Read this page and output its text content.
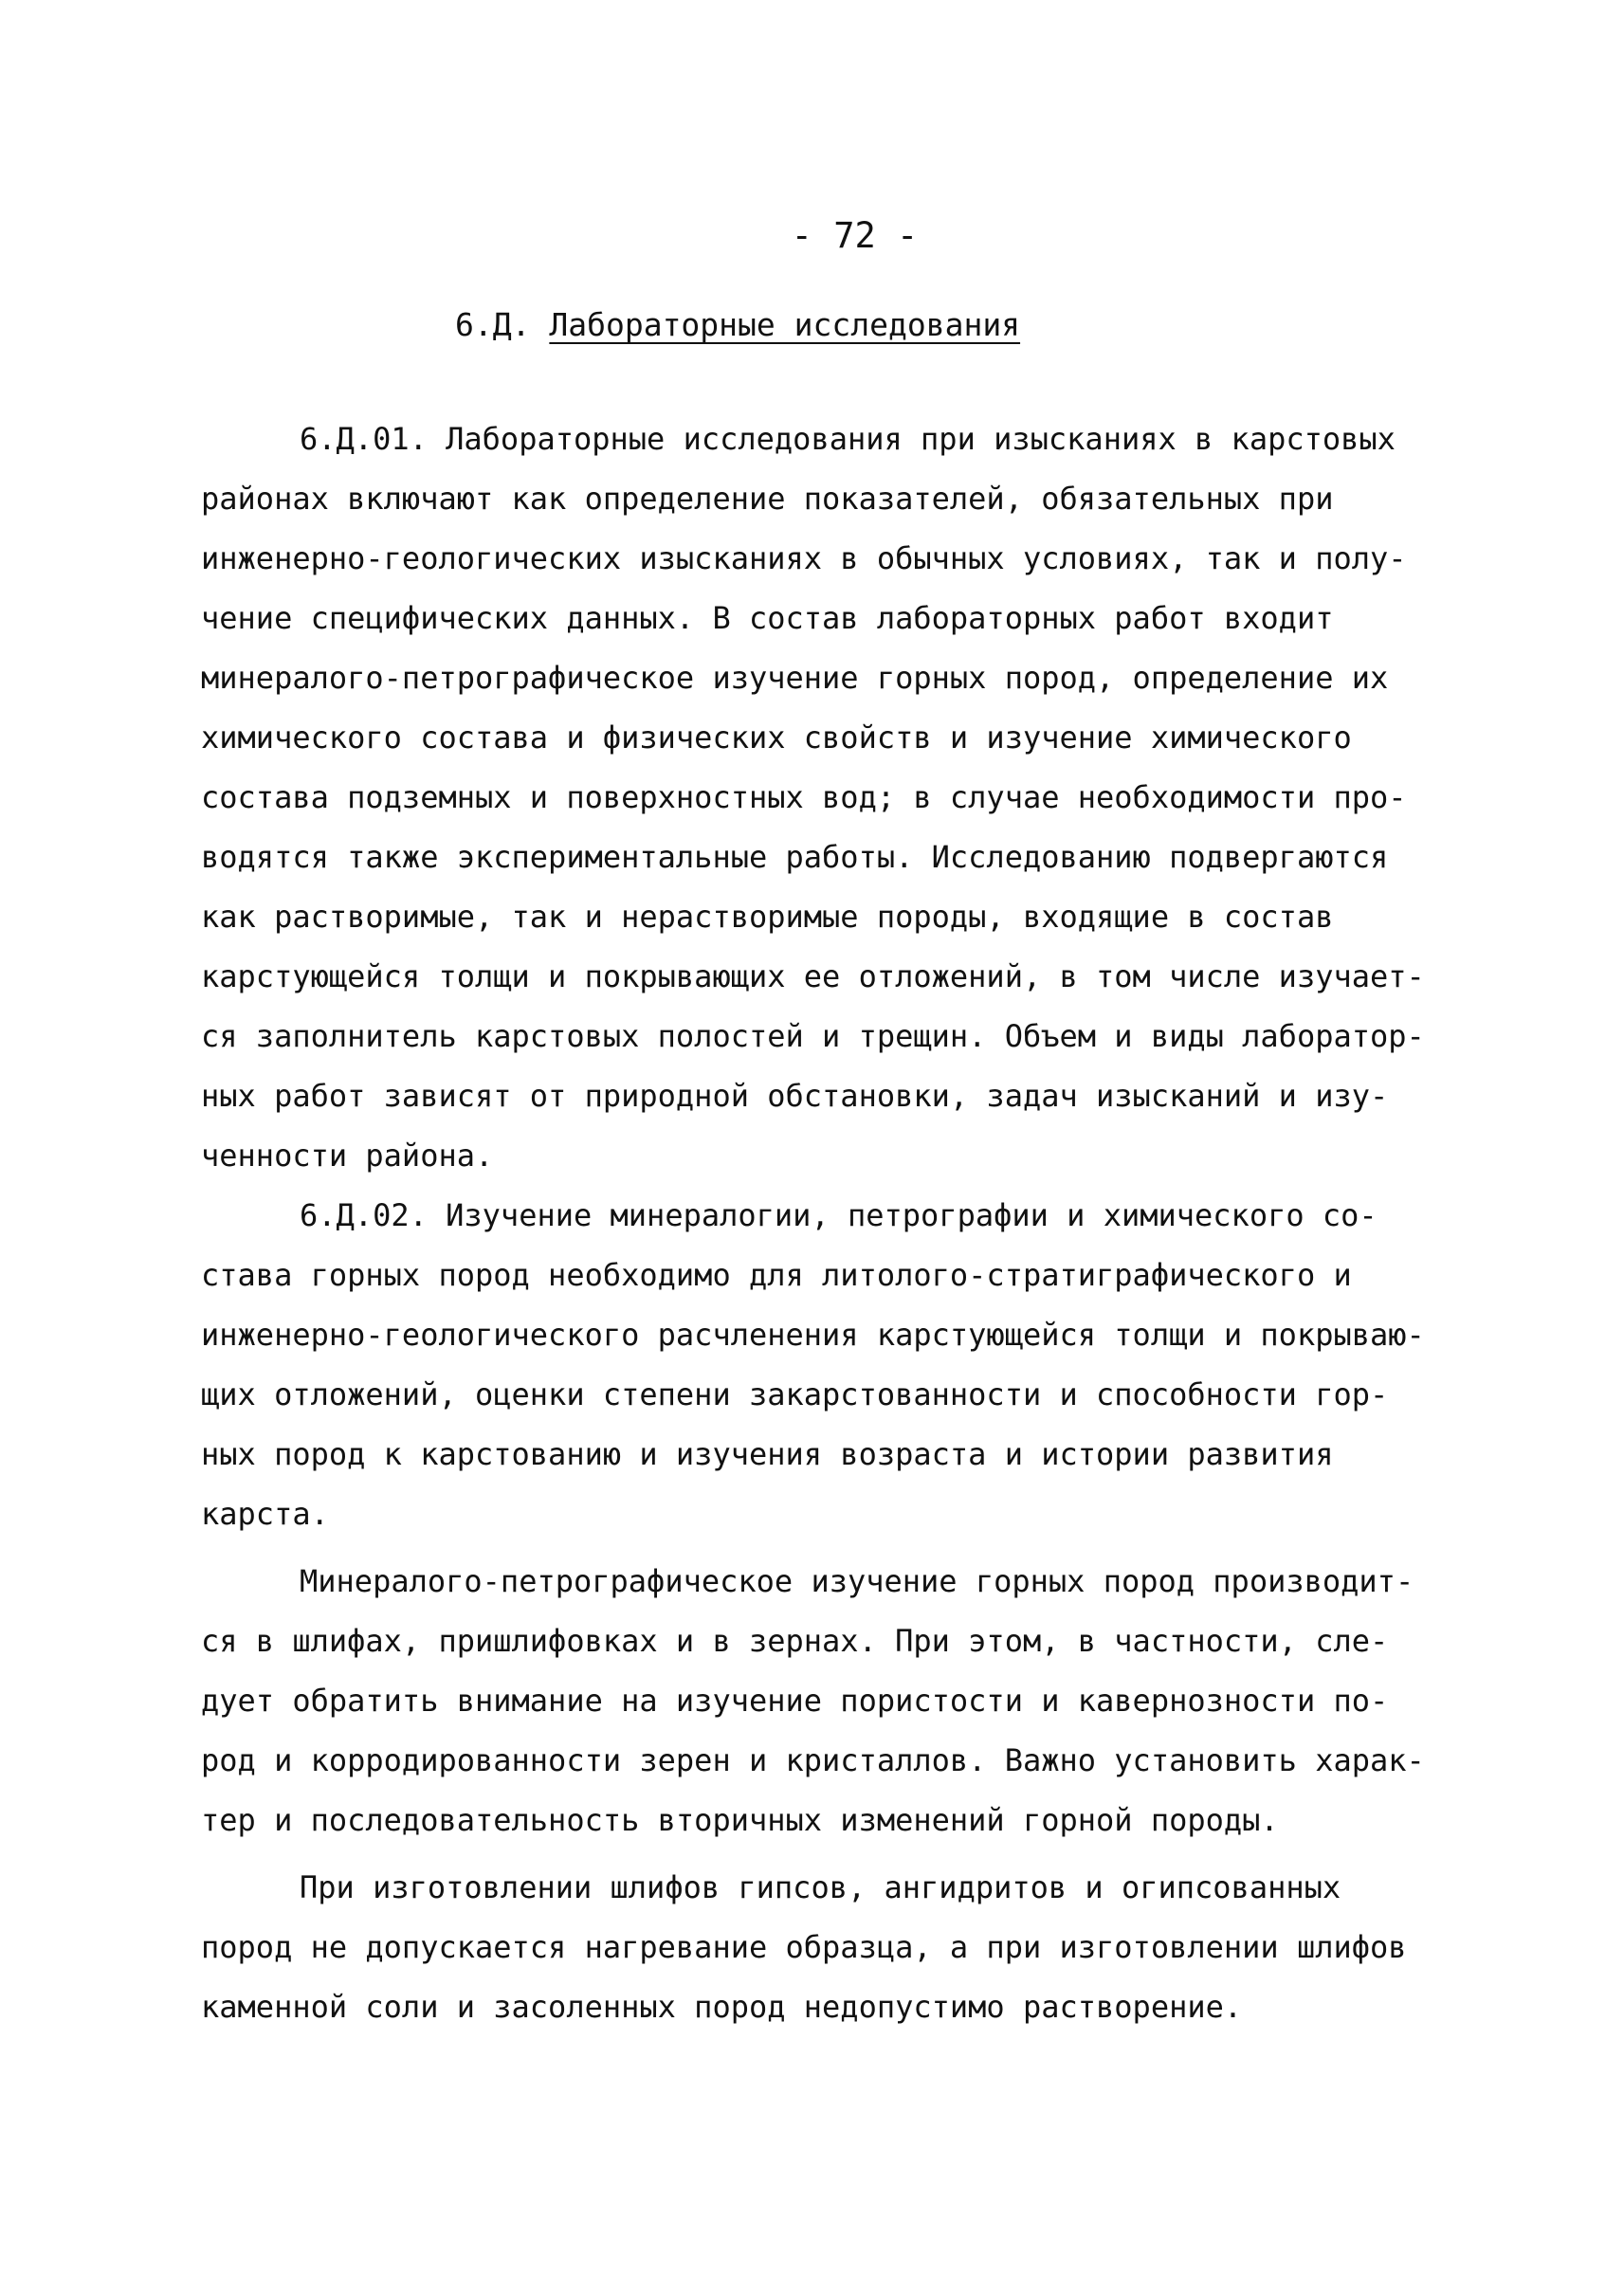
- 72 -
6.Д. Лабораторные исследования
6.Д.01. Лабораторные исследования при изысканиях в карстовых
районах включают как определение показателей, обязательных при
инженерно-геологических изысканиях в обычных условиях, так и полу-
чение специфических данных. В состав лабораторных работ входит
минералого-петрографическое изучение горных пород, определение их
химического состава и физических свойств и изучение химического
состава подземных и поверхностных вод; в случае необходимости про-
водятся также экспериментальные работы. Исследованию подвергаются
как растворимые, так и нерастворимые породы, входящие в состав
карстующейся толщи и покрывающих ее отложений, в том числе изучает-
ся заполнитель карстовых полостей и трещин. Объем и виды лаборатор-
ных работ зависят от природной обстановки, задач изысканий и изу-
ченности района.
6.Д.02. Изучение минералогии, петрографии и химического со-
става горных пород необходимо для литолого-стратиграфического и
инженерно-геологического расчленения карстующейся толщи и покрываю-
щих отложений, оценки степени закарстованности и способности гор-
ных пород к карстованию и изучения возраста и истории развития
карста.
Минералого-петрографическое изучение горных пород производит-
ся в шлифах, пришлифовках и в зернах. При этом, в частности, сле-
дует обратить внимание на изучение пористости и кавернозности по-
род и корродированности зерен и кристаллов. Важно установить харак-
тер и последовательность вторичных изменений горной породы.
При изготовлении шлифов гипсов, ангидритов и огипсованных
пород не допускается нагревание образца, а при изготовлении шлифов
каменной соли и засоленных пород недопустимо растворение.
